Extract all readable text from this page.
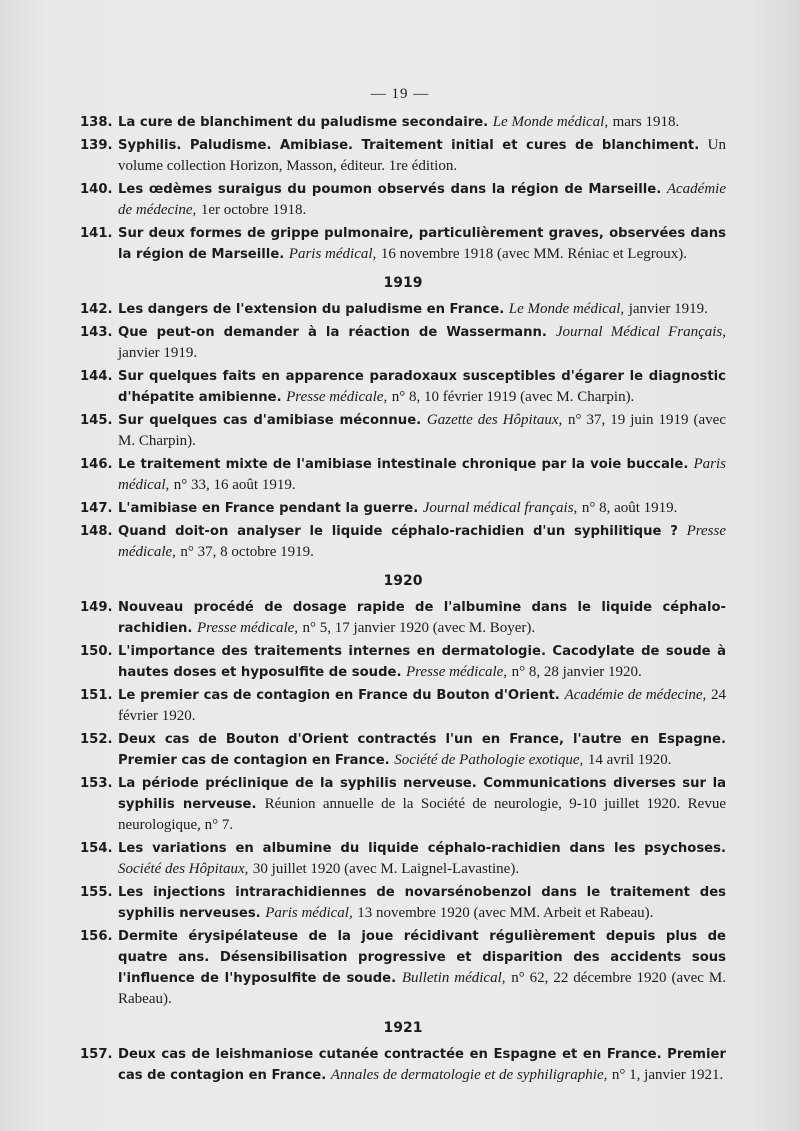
— 19 —
138. La cure de blanchiment du paludisme secondaire. Le Monde médical, mars 1918.
139. Syphilis. Paludisme. Amibiase. Traitement initial et cures de blanchiment. Un volume collection Horizon, Masson, éditeur. 1re édition.
140. Les œdèmes suraigus du poumon observés dans la région de Marseille. Académie de médecine, 1er octobre 1918.
141. Sur deux formes de grippe pulmonaire, particulièrement graves, observées dans la région de Marseille. Paris médical, 16 novembre 1918 (avec MM. Réniac et Legroux).
1919
142. Les dangers de l'extension du paludisme en France. Le Monde médical, janvier 1919.
143. Que peut-on demander à la réaction de Wassermann. Journal Médical Français, janvier 1919.
144. Sur quelques faits en apparence paradoxaux susceptibles d'égarer le diagnostic d'hépatite amibienne. Presse médicale, n° 8, 10 février 1919 (avec M. Charpin).
145. Sur quelques cas d'amibiase méconnue. Gazette des Hôpitaux, n° 37, 19 juin 1919 (avec M. Charpin).
146. Le traitement mixte de l'amibiase intestinale chronique par la voie buccale. Paris médical, n° 33, 16 août 1919.
147. L'amibiase en France pendant la guerre. Journal médical français, n° 8, août 1919.
148. Quand doit-on analyser le liquide céphalo-rachidien d'un syphilitique ? Presse médicale, n° 37, 8 octobre 1919.
1920
149. Nouveau procédé de dosage rapide de l'albumine dans le liquide céphalo-rachidien. Presse médicale, n° 5, 17 janvier 1920 (avec M. Boyer).
150. L'importance des traitements internes en dermatologie. Cacodylate de soude à hautes doses et hyposulfite de soude. Presse médicale, n° 8, 28 janvier 1920.
151. Le premier cas de contagion en France du Bouton d'Orient. Académie de médecine, 24 février 1920.
152. Deux cas de Bouton d'Orient contractés l'un en France, l'autre en Espagne. Premier cas de contagion en France. Société de Pathologie exotique, 14 avril 1920.
153. La période préclinique de la syphilis nerveuse. Communications diverses sur la syphilis nerveuse. Réunion annuelle de la Société de neurologie, 9-10 juillet 1920. Revue neurologique, n° 7.
154. Les variations en albumine du liquide céphalo-rachidien dans les psychoses. Société des Hôpitaux, 30 juillet 1920 (avec M. Laignel-Lavastine).
155. Les injections intrarachidiennes de novarsénobenzol dans le traitement des syphilis nerveuses. Paris médical, 13 novembre 1920 (avec MM. Arbeit et Rabeau).
156. Dermite érysipélateuse de la joue récidivant régulièrement depuis plus de quatre ans. Désensibilisation progressive et disparition des accidents sous l'influence de l'hyposulfite de soude. Bulletin médical, n° 62, 22 décembre 1920 (avec M. Rabeau).
1921
157. Deux cas de leishmaniose cutanée contractée en Espagne et en France. Premier cas de contagion en France. Annales de dermatologie et de syphiligraphie, n° 1, janvier 1921.
